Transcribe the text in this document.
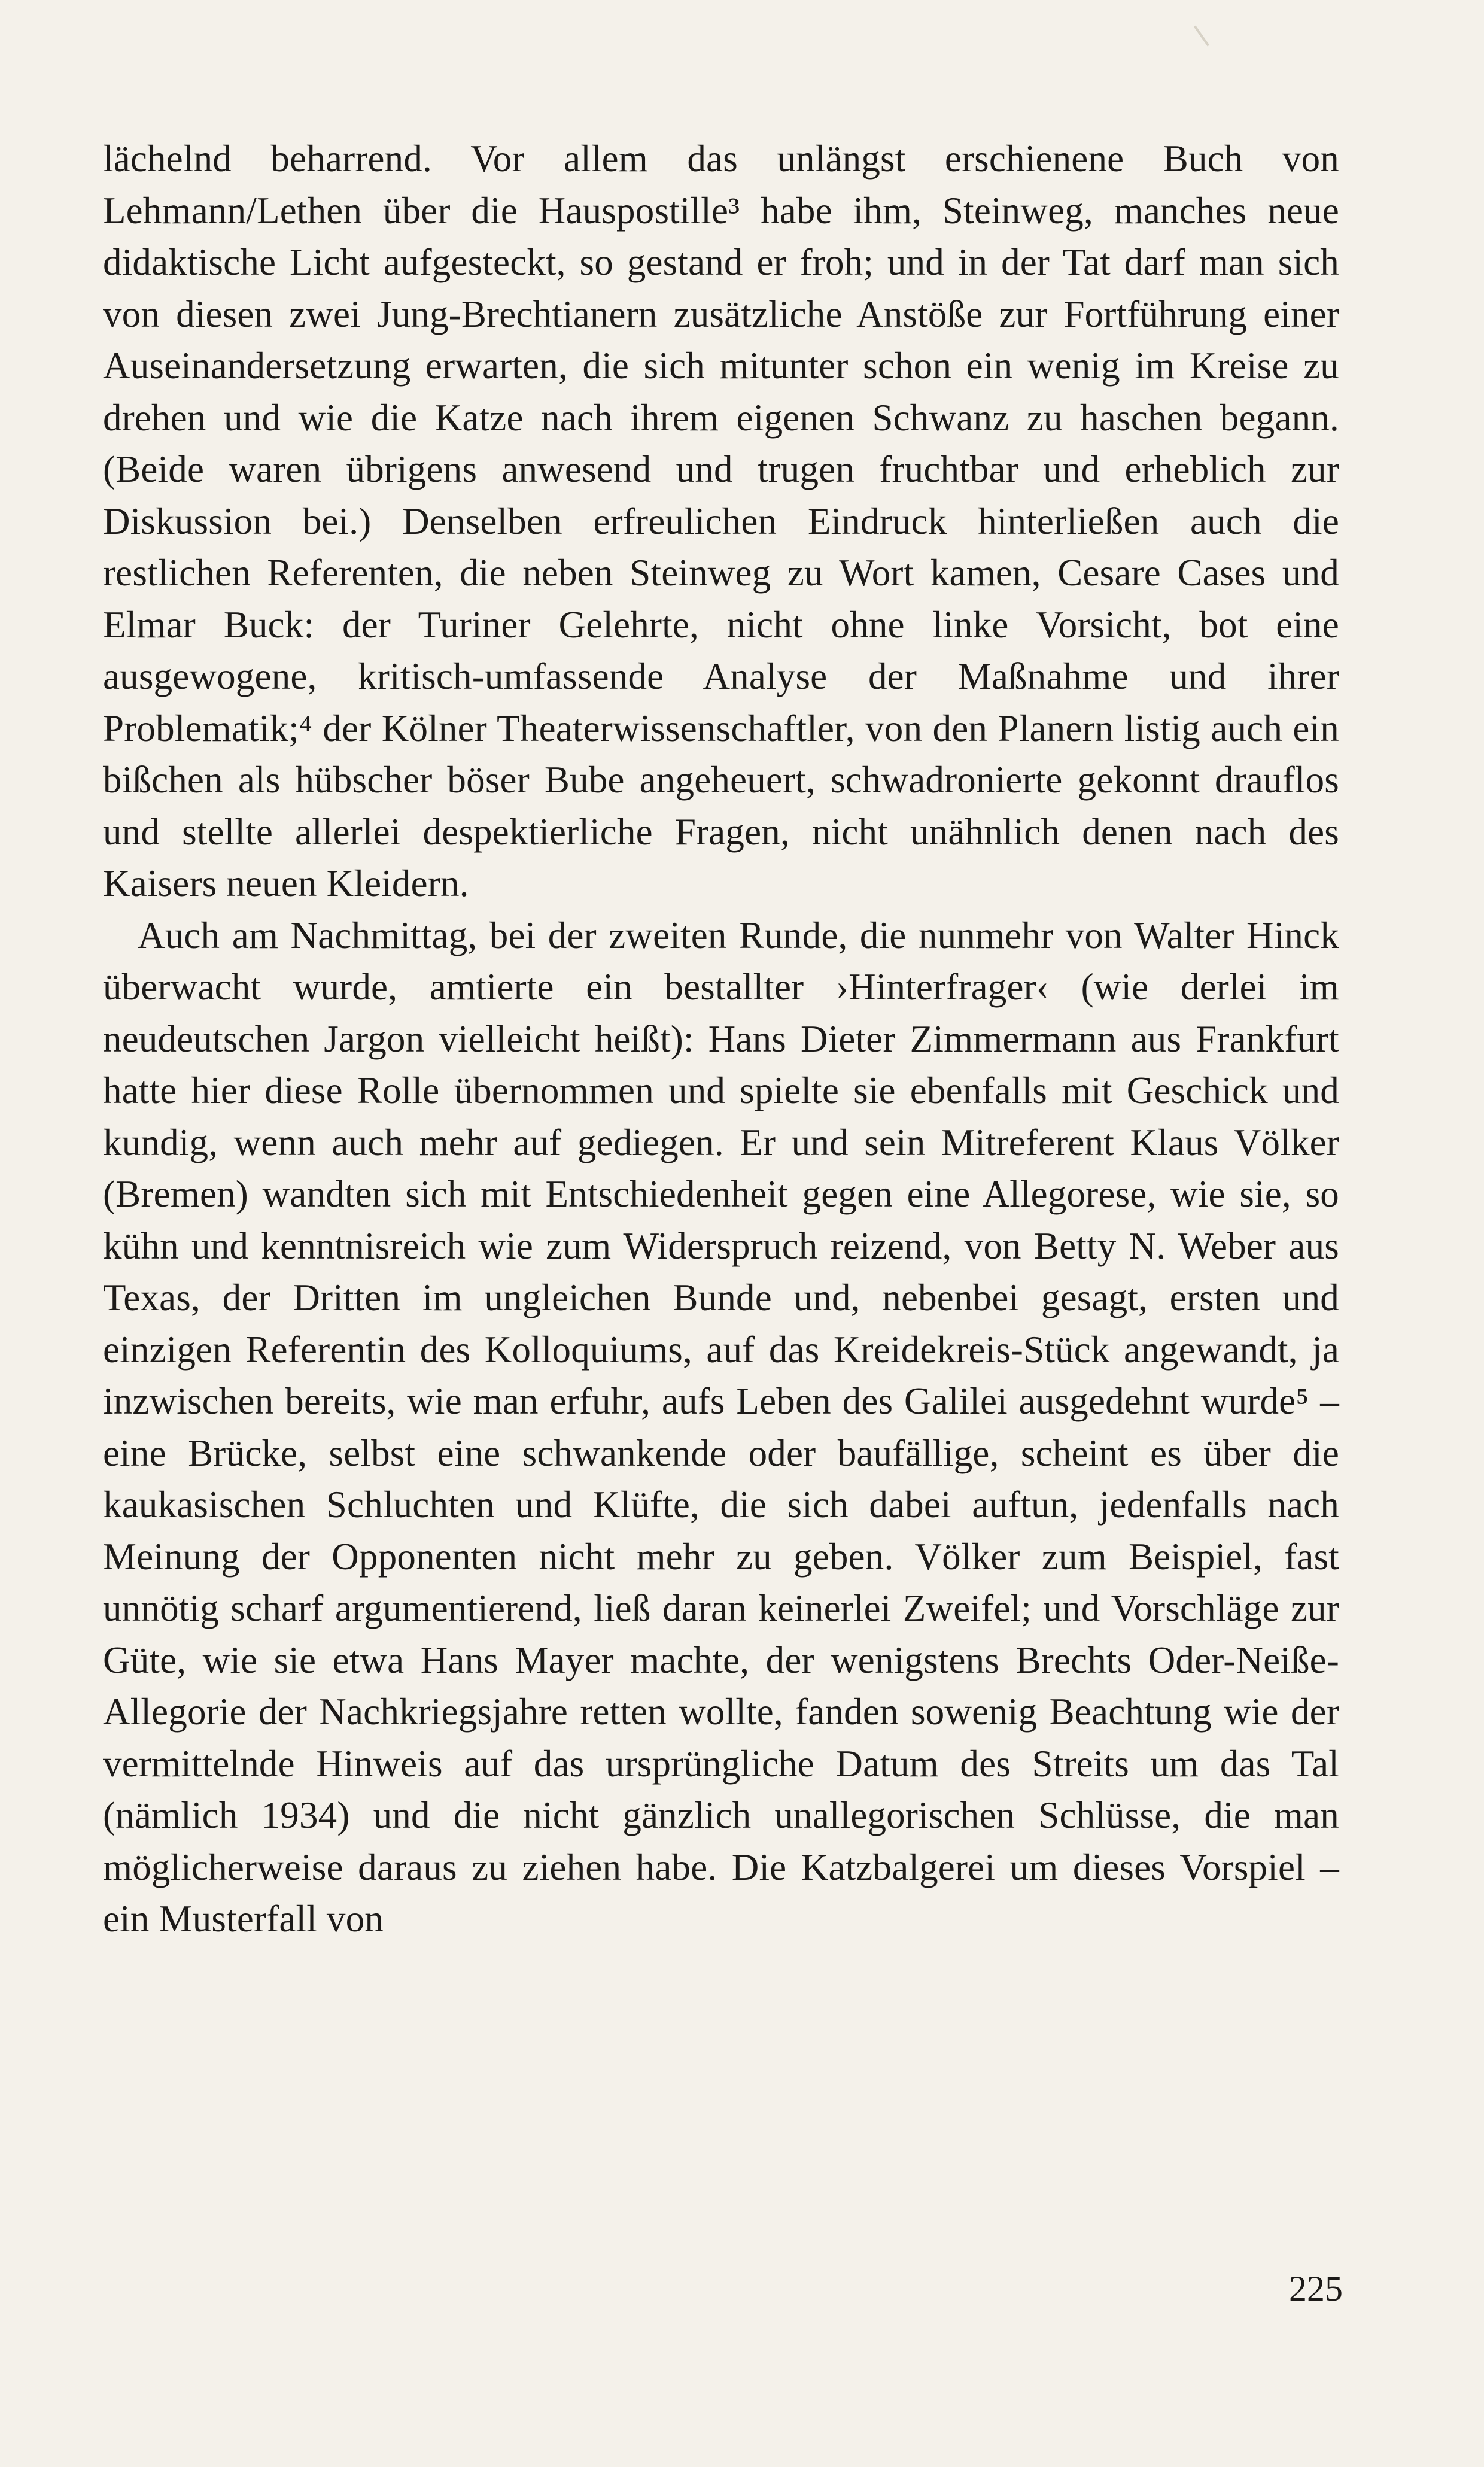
lächelnd beharrend. Vor allem das unlängst erschienene Buch von Lehmann/Lethen über die Hauspostille³ habe ihm, Steinweg, manches neue didaktische Licht aufgesteckt, so gestand er froh; und in der Tat darf man sich von diesen zwei Jung-Brechtianern zusätzliche Anstöße zur Fortführung einer Auseinandersetzung erwarten, die sich mitunter schon ein wenig im Kreise zu drehen und wie die Katze nach ihrem eigenen Schwanz zu haschen begann. (Beide waren übrigens anwesend und trugen fruchtbar und erheblich zur Diskussion bei.) Denselben erfreulichen Eindruck hinterließen auch die restlichen Referenten, die neben Steinweg zu Wort kamen, Cesare Cases und Elmar Buck: der Turiner Gelehrte, nicht ohne linke Vorsicht, bot eine ausgewogene, kritisch-umfassende Analyse der Maßnahme und ihrer Problematik;⁴ der Kölner Theaterwissenschaftler, von den Planern listig auch ein bißchen als hübscher böser Bube angeheuert, schwadronierte gekonnt drauflos und stellte allerlei despektierliche Fragen, nicht unähnlich denen nach des Kaisers neuen Kleidern.

Auch am Nachmittag, bei der zweiten Runde, die nunmehr von Walter Hinck überwacht wurde, amtierte ein bestallter ›Hinterfrager‹ (wie derlei im neudeutschen Jargon vielleicht heißt): Hans Dieter Zimmermann aus Frankfurt hatte hier diese Rolle übernommen und spielte sie ebenfalls mit Geschick und kundig, wenn auch mehr auf gediegen. Er und sein Mitreferent Klaus Völker (Bremen) wandten sich mit Entschiedenheit gegen eine Allegorese, wie sie, so kühn und kenntnisreich wie zum Widerspruch reizend, von Betty N. Weber aus Texas, der Dritten im ungleichen Bunde und, nebenbei gesagt, ersten und einzigen Referentin des Kolloquiums, auf das Kreidekreis-Stück angewandt, ja inzwischen bereits, wie man erfuhr, aufs Leben des Galilei ausgedehnt wurde⁵ – eine Brücke, selbst eine schwankende oder baufällige, scheint es über die kaukasischen Schluchten und Klüfte, die sich dabei auftun, jedenfalls nach Meinung der Opponenten nicht mehr zu geben. Völker zum Beispiel, fast unnötig scharf argumentierend, ließ daran keinerlei Zweifel; und Vorschläge zur Güte, wie sie etwa Hans Mayer machte, der wenigstens Brechts Oder-Neiße-Allegorie der Nachkriegsjahre retten wollte, fanden sowenig Beachtung wie der vermittelnde Hinweis auf das ursprüngliche Datum des Streits um das Tal (nämlich 1934) und die nicht gänzlich unallegorischen Schlüsse, die man möglicherweise daraus zu ziehen habe. Die Katzbalgerei um dieses Vorspiel – ein Musterfall von

225
